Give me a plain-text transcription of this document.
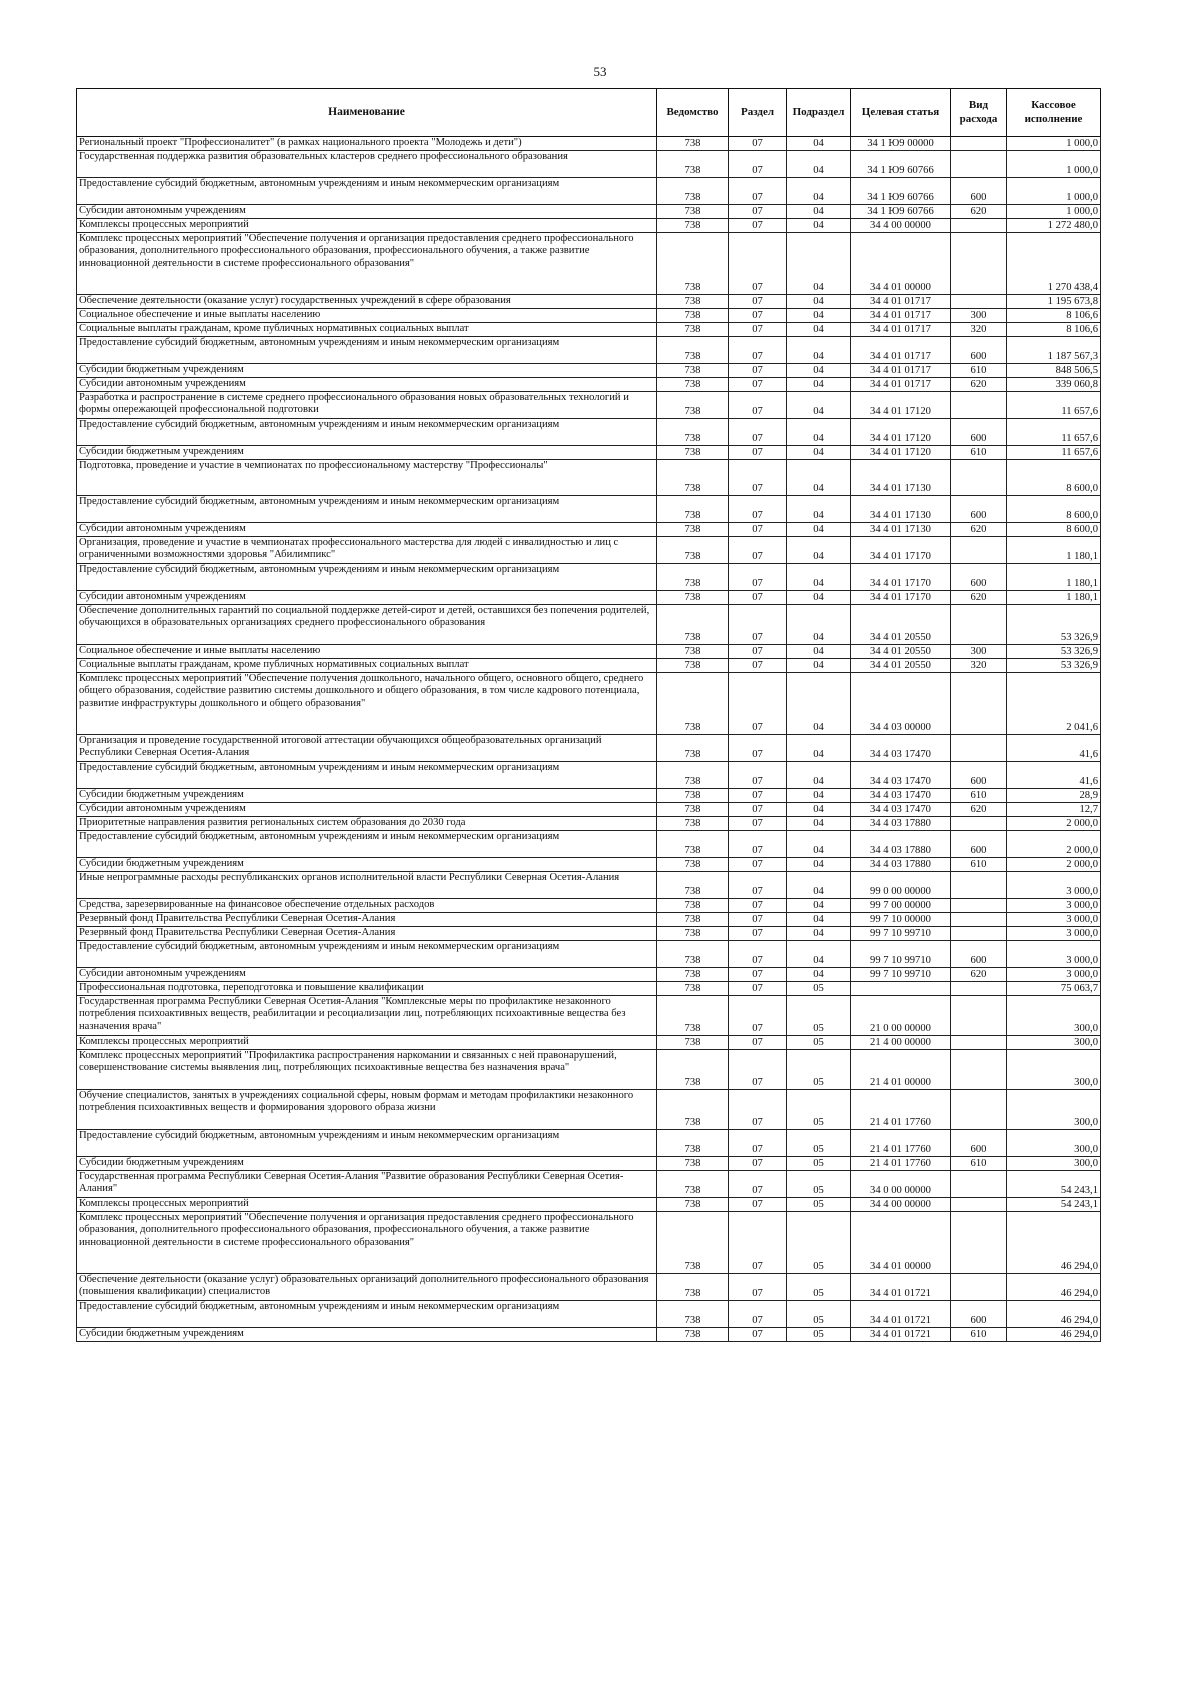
53
Наименование	Ведомство	Раздел	Подраздел	Целевая статья	Вид расхода	Кассовое исполнение
Региональный проект "Профессионалитет" (в рамках национального проекта "Молодежь и дети")	738	07	04	34 1 Ю9 00000		1 000,0
Государственная поддержка развития образовательных кластеров среднего профессионального образования	738	07	04	34 1 Ю9 60766		1 000,0
Предоставление субсидий бюджетным, автономным учреждениям и иным некоммерческим организациям	738	07	04	34 1 Ю9 60766	600	1 000,0
Субсидии автономным учреждениям	738	07	04	34 1 Ю9 60766	620	1 000,0
Комплексы процессных мероприятий	738	07	04	34 4 00 00000		1 272 480,0
Комплекс процессных мероприятий "Обеспечение получения и организация предоставления среднего профессионального образования, дополнительного профессионального образования, профессионального обучения, а также развитие инновационной деятельности в системе профессионального образования"	738	07	04	34 4 01 00000		1 270 438,4
Обеспечение деятельности (оказание услуг) государственных учреждений в сфере образования	738	07	04	34 4 01 01717		1 195 673,8
Социальное обеспечение и иные выплаты населению	738	07	04	34 4 01 01717	300	8 106,6
Социальные выплаты гражданам, кроме публичных нормативных социальных выплат	738	07	04	34 4 01 01717	320	8 106,6
Предоставление субсидий бюджетным, автономным учреждениям и иным некоммерческим организациям	738	07	04	34 4 01 01717	600	1 187 567,3
Субсидии бюджетным учреждениям	738	07	04	34 4 01 01717	610	848 506,5
Субсидии автономным учреждениям	738	07	04	34 4 01 01717	620	339 060,8
Разработка и распространение в системе среднего профессионального образования новых образовательных технологий и формы опережающей профессиональной подготовки	738	07	04	34 4 01 17120		11 657,6
Предоставление субсидий бюджетным, автономным учреждениям и иным некоммерческим организациям	738	07	04	34 4 01 17120	600	11 657,6
Субсидии бюджетным учреждениям	738	07	04	34 4 01 17120	610	11 657,6
Подготовка, проведение и участие в чемпионатах по профессиональному мастерству "Профессионалы"	738	07	04	34 4 01 17130		8 600,0
Предоставление субсидий бюджетным, автономным учреждениям и иным некоммерческим организациям	738	07	04	34 4 01 17130	600	8 600,0
Субсидии автономным учреждениям	738	07	04	34 4 01 17130	620	8 600,0
Организация, проведение и участие в чемпионатах профессионального мастерства для людей с инвалидностью и лиц с ограниченными возможностями здоровья "Абилимпикс"	738	07	04	34 4 01 17170		1 180,1
Предоставление субсидий бюджетным, автономным учреждениям и иным некоммерческим организациям	738	07	04	34 4 01 17170	600	1 180,1
Субсидии автономным учреждениям	738	07	04	34 4 01 17170	620	1 180,1
Обеспечение дополнительных гарантий по социальной поддержке детей-сирот и детей, оставшихся без попечения родителей, обучающихся в образовательных организациях среднего профессионального образования	738	07	04	34 4 01 20550		53 326,9
Социальное обеспечение и иные выплаты населению	738	07	04	34 4 01 20550	300	53 326,9
Социальные выплаты гражданам, кроме публичных нормативных социальных выплат	738	07	04	34 4 01 20550	320	53 326,9
Комплекс процессных мероприятий "Обеспечение получения дошкольного, начального общего, основного общего, среднего общего образования, содействие развитию системы дошкольного и общего образования, в том числе кадрового потенциала, развитие инфраструктуры дошкольного и общего образования"	738	07	04	34 4 03 00000		2 041,6
Организация и проведение государственной итоговой аттестации обучающихся общеобразовательных организаций Республики Северная Осетия-Алания	738	07	04	34 4 03 17470		41,6
Предоставление субсидий бюджетным, автономным учреждениям и иным некоммерческим организациям	738	07	04	34 4 03 17470	600	41,6
Субсидии бюджетным учреждениям	738	07	04	34 4 03 17470	610	28,9
Субсидии автономным учреждениям	738	07	04	34 4 03 17470	620	12,7
Приоритетные направления развития региональных систем образования до 2030 года	738	07	04	34 4 03 17880		2 000,0
Предоставление субсидий бюджетным, автономным учреждениям и иным некоммерческим организациям	738	07	04	34 4 03 17880	600	2 000,0
Субсидии бюджетным учреждениям	738	07	04	34 4 03 17880	610	2 000,0
Иные непрограммные расходы республиканских органов исполнительной власти Республики Северная Осетия-Алания	738	07	04	99 0 00 00000		3 000,0
Средства, зарезервированные на финансовое обеспечение отдельных расходов	738	07	04	99 7 00 00000		3 000,0
Резервный фонд Правительства Республики Северная Осетия-Алания	738	07	04	99 7 10 00000		3 000,0
Резервный фонд Правительства Республики Северная Осетия-Алания	738	07	04	99 7 10 99710		3 000,0
Предоставление субсидий бюджетным, автономным учреждениям и иным некоммерческим организациям	738	07	04	99 7 10 99710	600	3 000,0
Субсидии автономным учреждениям	738	07	04	99 7 10 99710	620	3 000,0
Профессиональная подготовка, переподготовка и повышение квалификации	738	07	05			75 063,7
Государственная программа Республики Северная Осетия-Алания "Комплексные меры по профилактике незаконного потребления психоактивных веществ, реабилитации и ресоциализации лиц, потребляющих психоактивные вещества без назначения врача"	738	07	05	21 0 00 00000		300,0
Комплексы процессных мероприятий	738	07	05	21 4 00 00000		300,0
Комплекс процессных мероприятий "Профилактика распространения наркомании и связанных с ней правонарушений, совершенствование системы выявления лиц, потребляющих психоактивные вещества без назначения врача"	738	07	05	21 4 01 00000		300,0
Обучение специалистов, занятых в учреждениях социальной сферы, новым формам и методам профилактики незаконного потребления психоактивных веществ и формирования здорового образа жизни	738	07	05	21 4 01 17760		300,0
Предоставление субсидий бюджетным, автономным учреждениям и иным некоммерческим организациям	738	07	05	21 4 01 17760	600	300,0
Субсидии бюджетным учреждениям	738	07	05	21 4 01 17760	610	300,0
Государственная программа Республики Северная Осетия-Алания "Развитие образования Республики Северная Осетия-Алания"	738	07	05	34 0 00 00000		54 243,1
Комплексы процессных мероприятий	738	07	05	34 4 00 00000		54 243,1
Комплекс процессных мероприятий "Обеспечение получения и организация предоставления среднего профессионального образования, дополнительного профессионального образования, профессионального обучения, а также развитие инновационной деятельности в системе профессионального образования"	738	07	05	34 4 01 00000		46 294,0
Обеспечение деятельности (оказание услуг) образовательных организаций дополнительного профессионального образования (повышения квалификации) специалистов	738	07	05	34 4 01 01721		46 294,0
Предоставление субсидий бюджетным, автономным учреждениям и иным некоммерческим организациям	738	07	05	34 4 01 01721	600	46 294,0
Субсидии бюджетным учреждениям	738	07	05	34 4 01 01721	610	46 294,0
